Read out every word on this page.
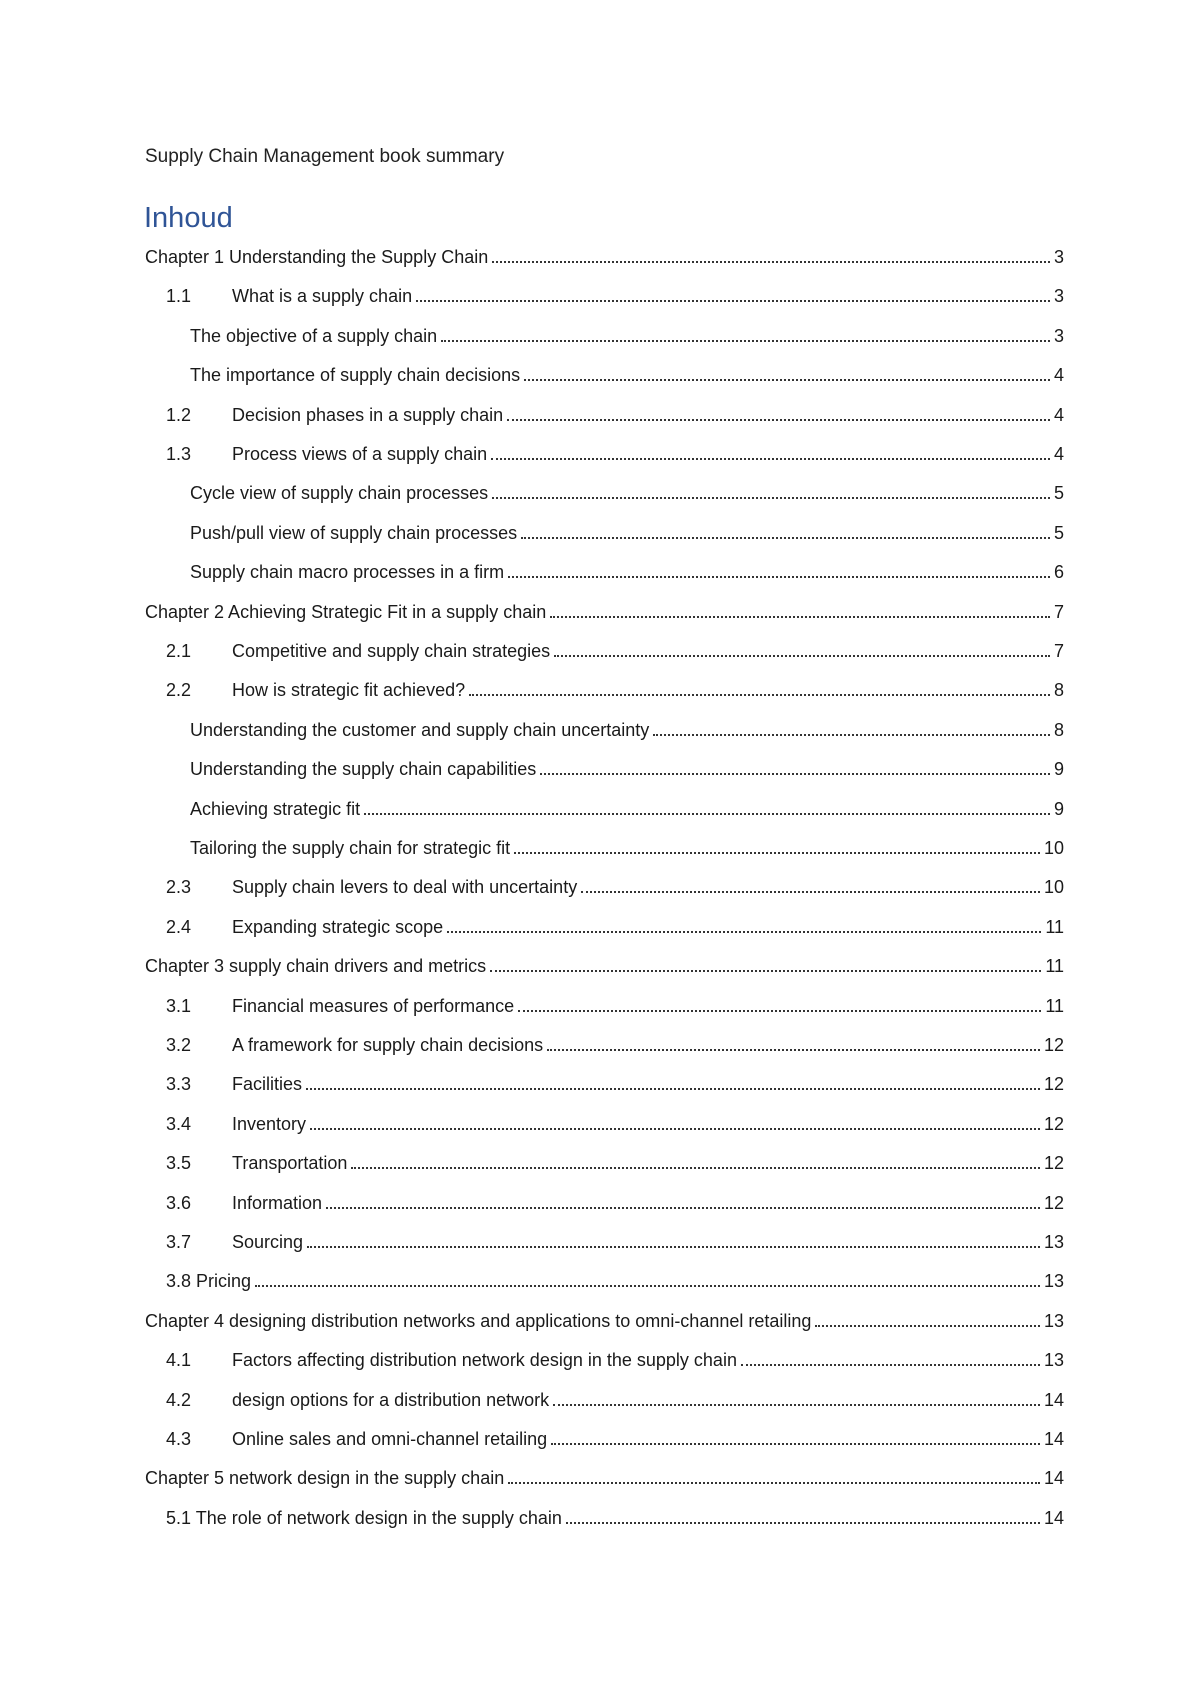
Supply Chain Management book summary
Inhoud
Chapter 1 Understanding the Supply Chain	3
1.1	What is a supply chain	3
The objective of a supply chain	3
The importance of supply chain decisions	4
1.2	Decision phases in a supply chain	4
1.3	Process views of a supply chain	4
Cycle view of supply chain processes	5
Push/pull view of supply chain processes	5
Supply chain macro processes in a firm	6
Chapter 2 Achieving Strategic Fit in a supply chain	7
2.1	Competitive and supply chain strategies	7
2.2	How is strategic fit achieved?	8
Understanding the customer and supply chain uncertainty	8
Understanding the supply chain capabilities	9
Achieving strategic fit	9
Tailoring the supply chain for strategic fit	10
2.3	Supply chain levers to deal with uncertainty	10
2.4	Expanding strategic scope	11
Chapter 3 supply chain drivers and metrics	11
3.1	Financial measures of performance	11
3.2	A framework for supply chain decisions	12
3.3	Facilities	12
3.4	Inventory	12
3.5	Transportation	12
3.6	Information	12
3.7	Sourcing	13
3.8 Pricing	13
Chapter 4 designing distribution networks and applications to omni-channel retailing	13
4.1	Factors affecting distribution network design in the supply chain	13
4.2	design options for a distribution network	14
4.3	Online sales and omni-channel retailing	14
Chapter 5 network design in the supply chain	14
5.1 The role of network design in the supply chain	14
